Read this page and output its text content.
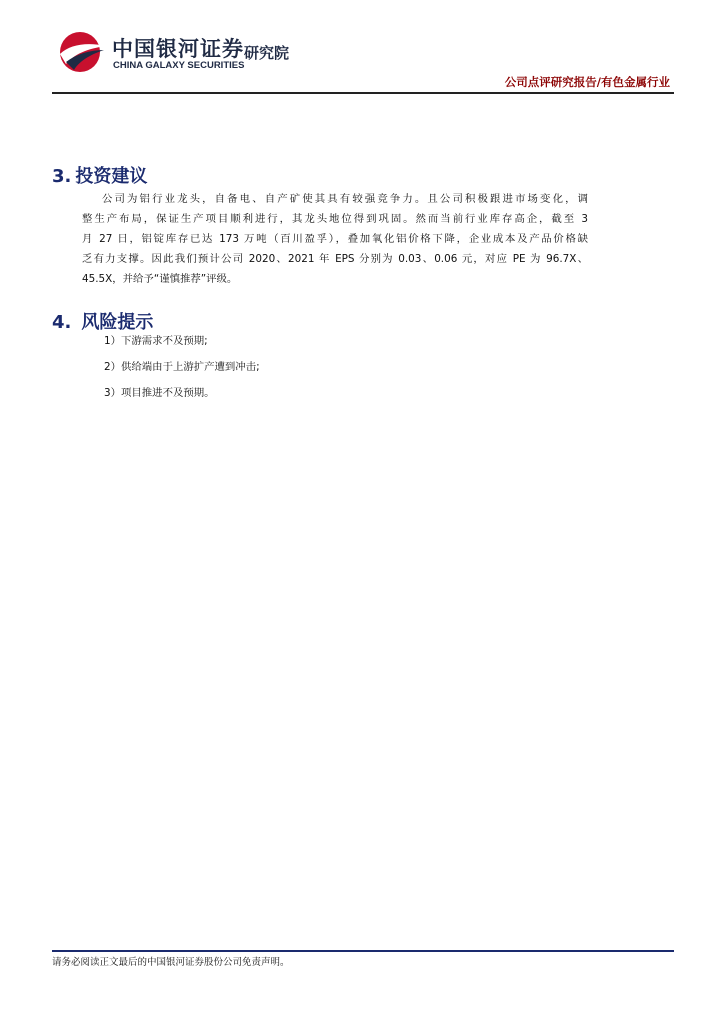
中国银河证券
CHINA GALAXY SECURITIES
研究院
公司点评研究报告/有色金属行业
3. 投资建议
公司为铝行业龙头，自备电、自产矿使其具有较强竞争力。且公司积极跟进市场变化，调
整生产布局，保证生产项目顺利进行，其龙头地位得到巩固。然而当前行业库存高企，截至 3
月 27 日，铝锭库存已达 173 万吨（百川盈孚），叠加氧化铝价格下降，企业成本及产品价格缺
乏有力支撑。因此我们预计公司 2020、2021 年 EPS 分别为 0.03、0.06 元，对应 PE 为 96.7X、
45.5X，并给予“谨慎推荐”评级。
4. 风险提示
1）下游需求不及预期;
2）供给端由于上游扩产遭到冲击;
3）项目推进不及预期。
请务必阅读正文最后的中国银河证券股份公司免责声明。
